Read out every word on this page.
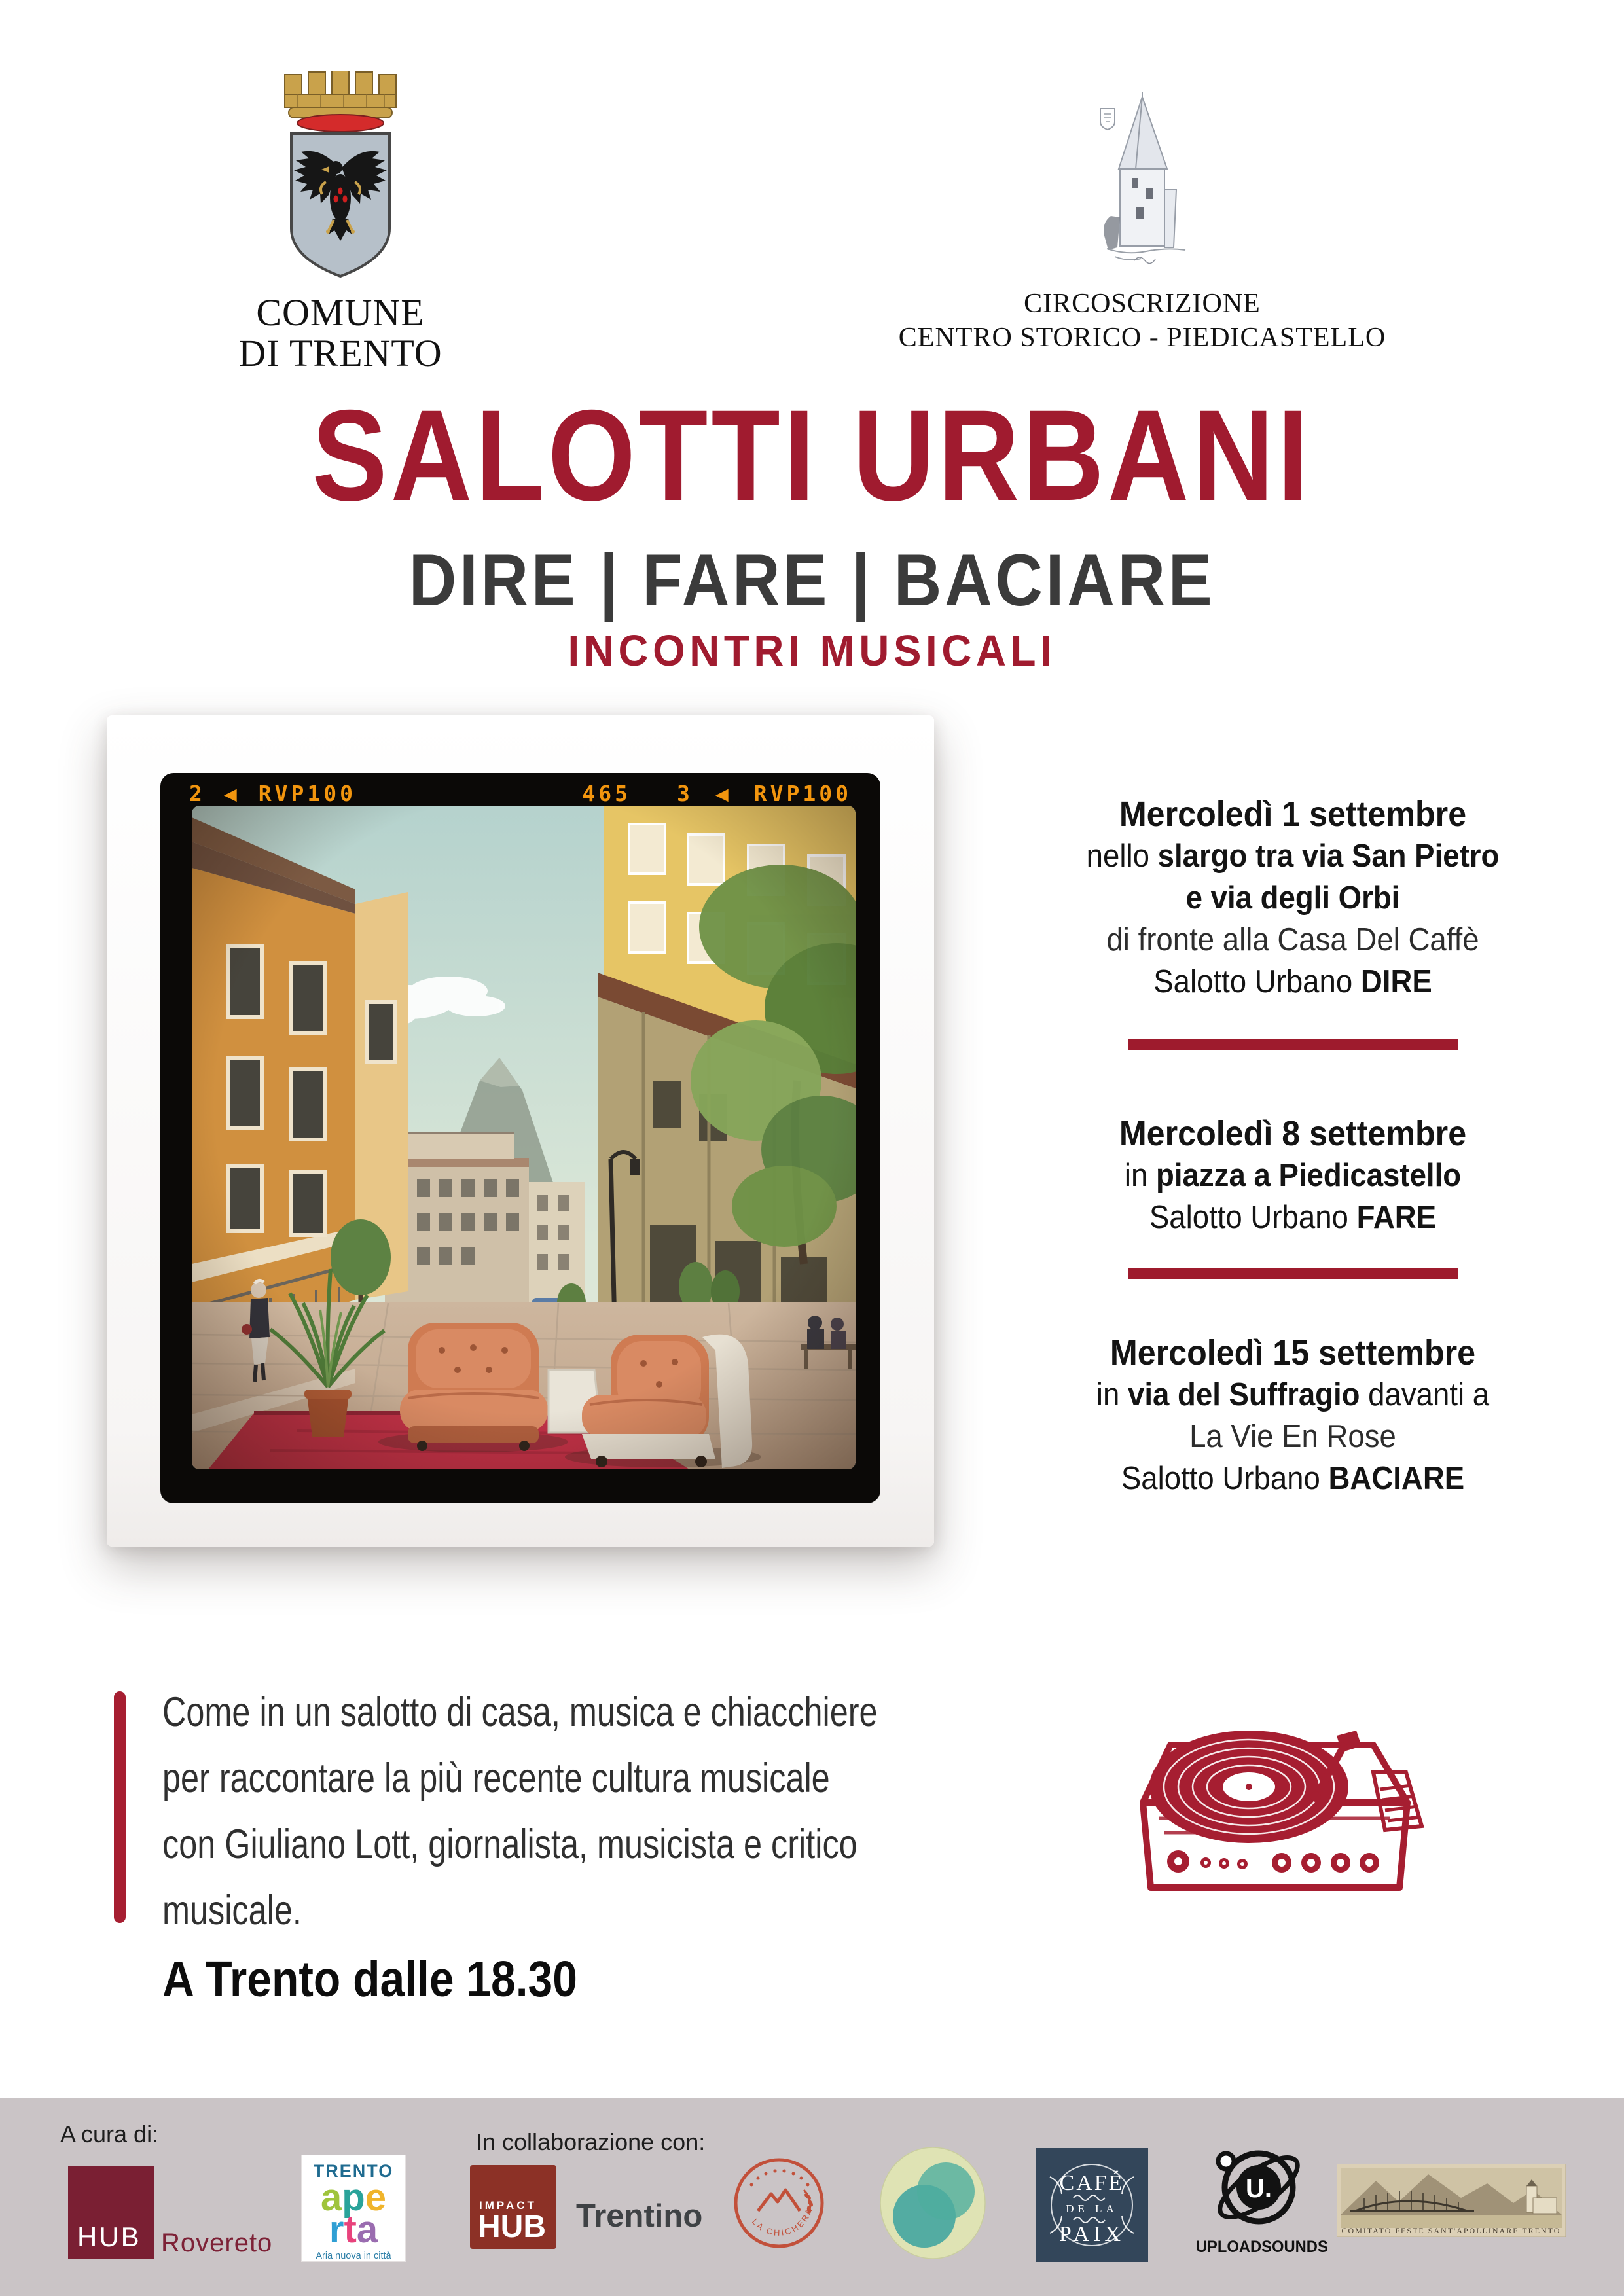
COMUNE
DI TRENTO
CIRCOSCRIZIONE
CENTRO STORICO - PIEDICASTELLO
SALOTTI URBANI
DIRE | FARE | BACIARE
INCONTRI MUSICALI
2 ◀ RVP100	465 3 ◀ RVP100
Mercoledì 1 settembre
nello slargo tra via San Pietro
e via degli Orbi
di fronte alla Casa Del Caffè
Salotto Urbano DIRE
Mercoledì 8 settembre
in piazza a Piedicastello
Salotto Urbano FARE
Mercoledì 15 settembre
in via del Suffragio davanti a
La Vie En Rose
Salotto Urbano BACIARE
Come in un salotto di casa, musica e chiacchiere
per raccontare la più recente cultura musicale
con Giuliano Lott, giornalista, musicista e critico
musicale.
A Trento dalle 18.30
A cura di:	In collaborazione con:
HUB Rovereto
TRENTO
ape
rta
Aria nuova in città
IMPACT
HUB Trentino	LA CHICHERA
CAFÉ
DE LA
PAIX
U.
UPLOADSOUNDS
COMITATO FESTE SANT'APOLLINARE TRENTO
